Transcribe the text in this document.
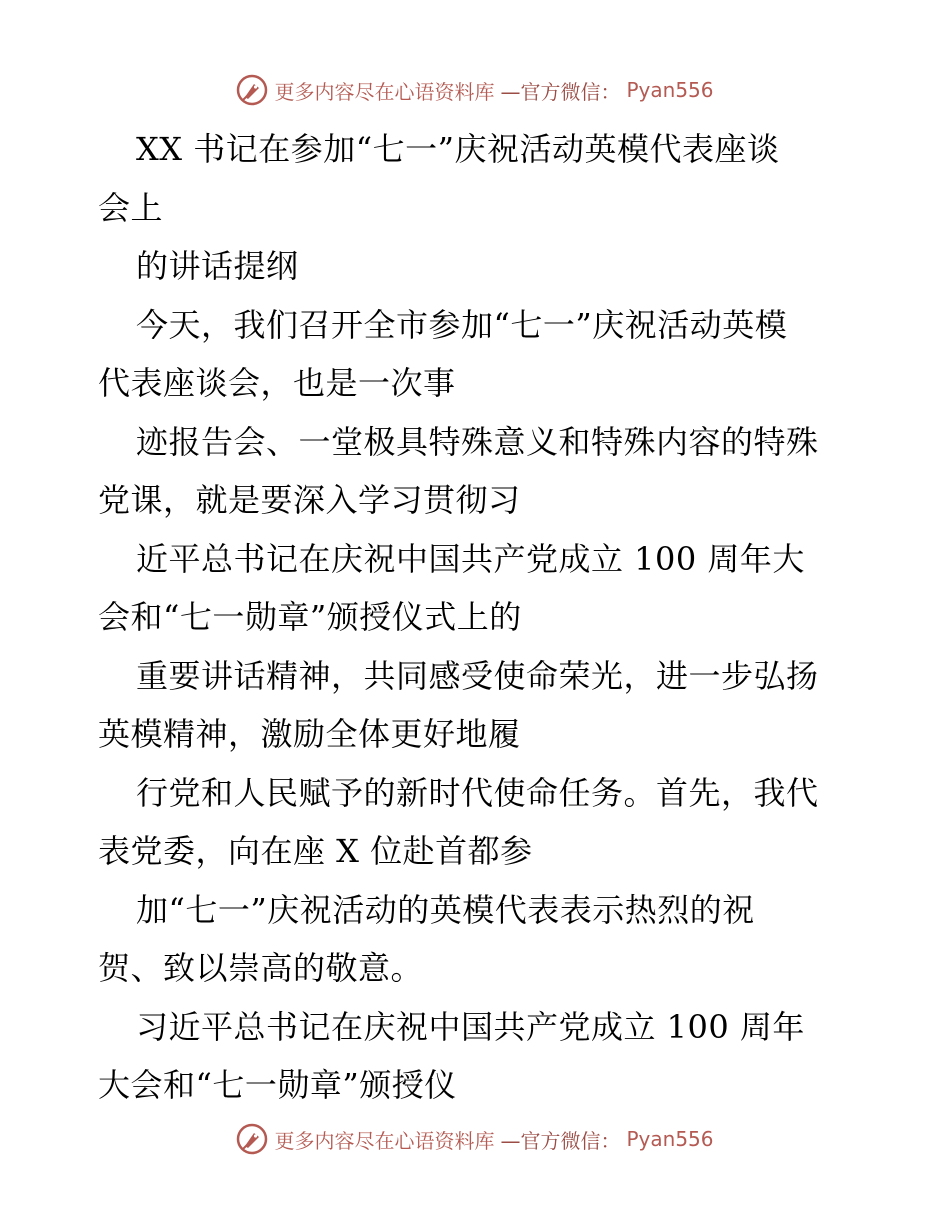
更多内容尽在心语资料库 —官方微信： Pyan556
XX 书记在参加“七一”庆祝活动英模代表座谈
会上
的讲话提纲
今天，我们召开全市参加“七一”庆祝活动英模
代表座谈会，也是一次事
迹报告会、一堂极具特殊意义和特殊内容的特殊
党课，就是要深入学习贯彻习
近平总书记在庆祝中国共产党成立 100 周年大
会和“七一勋章”颁授仪式上的
重要讲话精神，共同感受使命荣光，进一步弘扬
英模精神，激励全体更好地履
行党和人民赋予的新时代使命任务。首先，我代
表党委，向在座 X 位赴首都参
加“七一”庆祝活动的英模代表表示热烈的祝
贺、致以崇高的敬意。
习近平总书记在庆祝中国共产党成立 100 周年
大会和“七一勋章”颁授仪
更多内容尽在心语资料库 —官方微信： Pyan556
